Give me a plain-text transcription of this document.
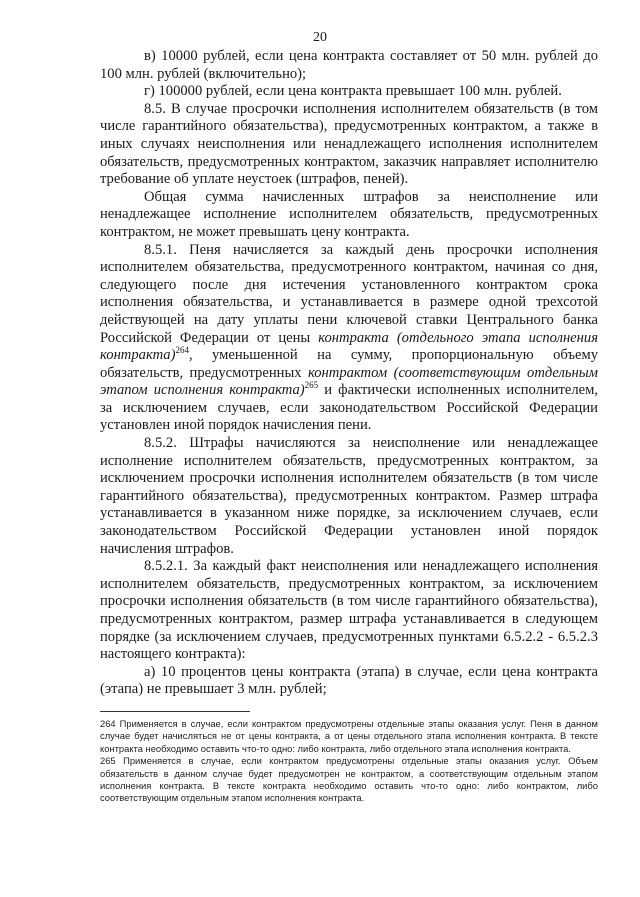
20

в) 10000 рублей, если цена контракта составляет от 50 млн. рублей до 100 млн. рублей (включительно);

г) 100000 рублей, если цена контракта превышает 100 млн. рублей.

8.5. В случае просрочки исполнения исполнителем обязательств (в том числе гарантийного обязательства), предусмотренных контрактом, а также в иных случаях неисполнения или ненадлежащего исполнения исполнителем обязательств, предусмотренных контрактом, заказчик направляет исполнителю требование об уплате неустоек (штрафов, пеней).

Общая сумма начисленных штрафов за неисполнение или ненадлежащее исполнение исполнителем обязательств, предусмотренных контрактом, не может превышать цену контракта.

8.5.1. Пеня начисляется за каждый день просрочки исполнения исполнителем обязательства, предусмотренного контрактом, начиная со дня, следующего после дня истечения установленного контрактом срока исполнения обязательства, и устанавливается в размере одной трехсотой действующей на дату уплаты пени ключевой ставки Центрального банка Российской Федерации от цены контракта (отдельного этапа исполнения контракта)$^{264}$, уменьшенной на сумму, пропорциональную объему обязательств, предусмотренных контрактом (соответствующим отдельным этапом исполнения контракта)$^{265}$ и фактически исполненных исполнителем, за исключением случаев, если законодательством Российской Федерации установлен иной порядок начисления пени.

8.5.2. Штрафы начисляются за неисполнение или ненадлежащее исполнение исполнителем обязательств, предусмотренных контрактом, за исключением просрочки исполнения исполнителем обязательств (в том числе гарантийного обязательства), предусмотренных контрактом. Размер штрафа устанавливается в указанном ниже порядке, за исключением случаев, если законодательством Российской Федерации установлен иной порядок начисления штрафов.

8.5.2.1. За каждый факт неисполнения или ненадлежащего исполнения исполнителем обязательств, предусмотренных контрактом, за исключением просрочки исполнения обязательств (в том числе гарантийного обязательства), предусмотренных контрактом, размер штрафа устанавливается в следующем порядке (за исключением случаев, предусмотренных пунктами 6.5.2.2 - 6.5.2.3 настоящего контракта):

а) 10 процентов цены контракта (этапа) в случае, если цена контракта (этапа) не превышает 3 млн. рублей;

264 Применяется в случае, если контрактом предусмотрены отдельные этапы оказания услуг. Пеня в данном случае будет начисляться не от цены контракта, а от цены отдельного этапа исполнения контракта. В тексте контракта необходимо оставить что-то одно: либо контракта, либо отдельного этапа исполнения контракта.

265 Применяется в случае, если контрактом предусмотрены отдельные этапы оказания услуг. Объем обязательств в данном случае будет предусмотрен не контрактом, а соответствующим отдельным этапом исполнения контракта. В тексте контракта необходимо оставить что-то одно: либо контрактом, либо соответствующим отдельным этапом исполнения контракта.
